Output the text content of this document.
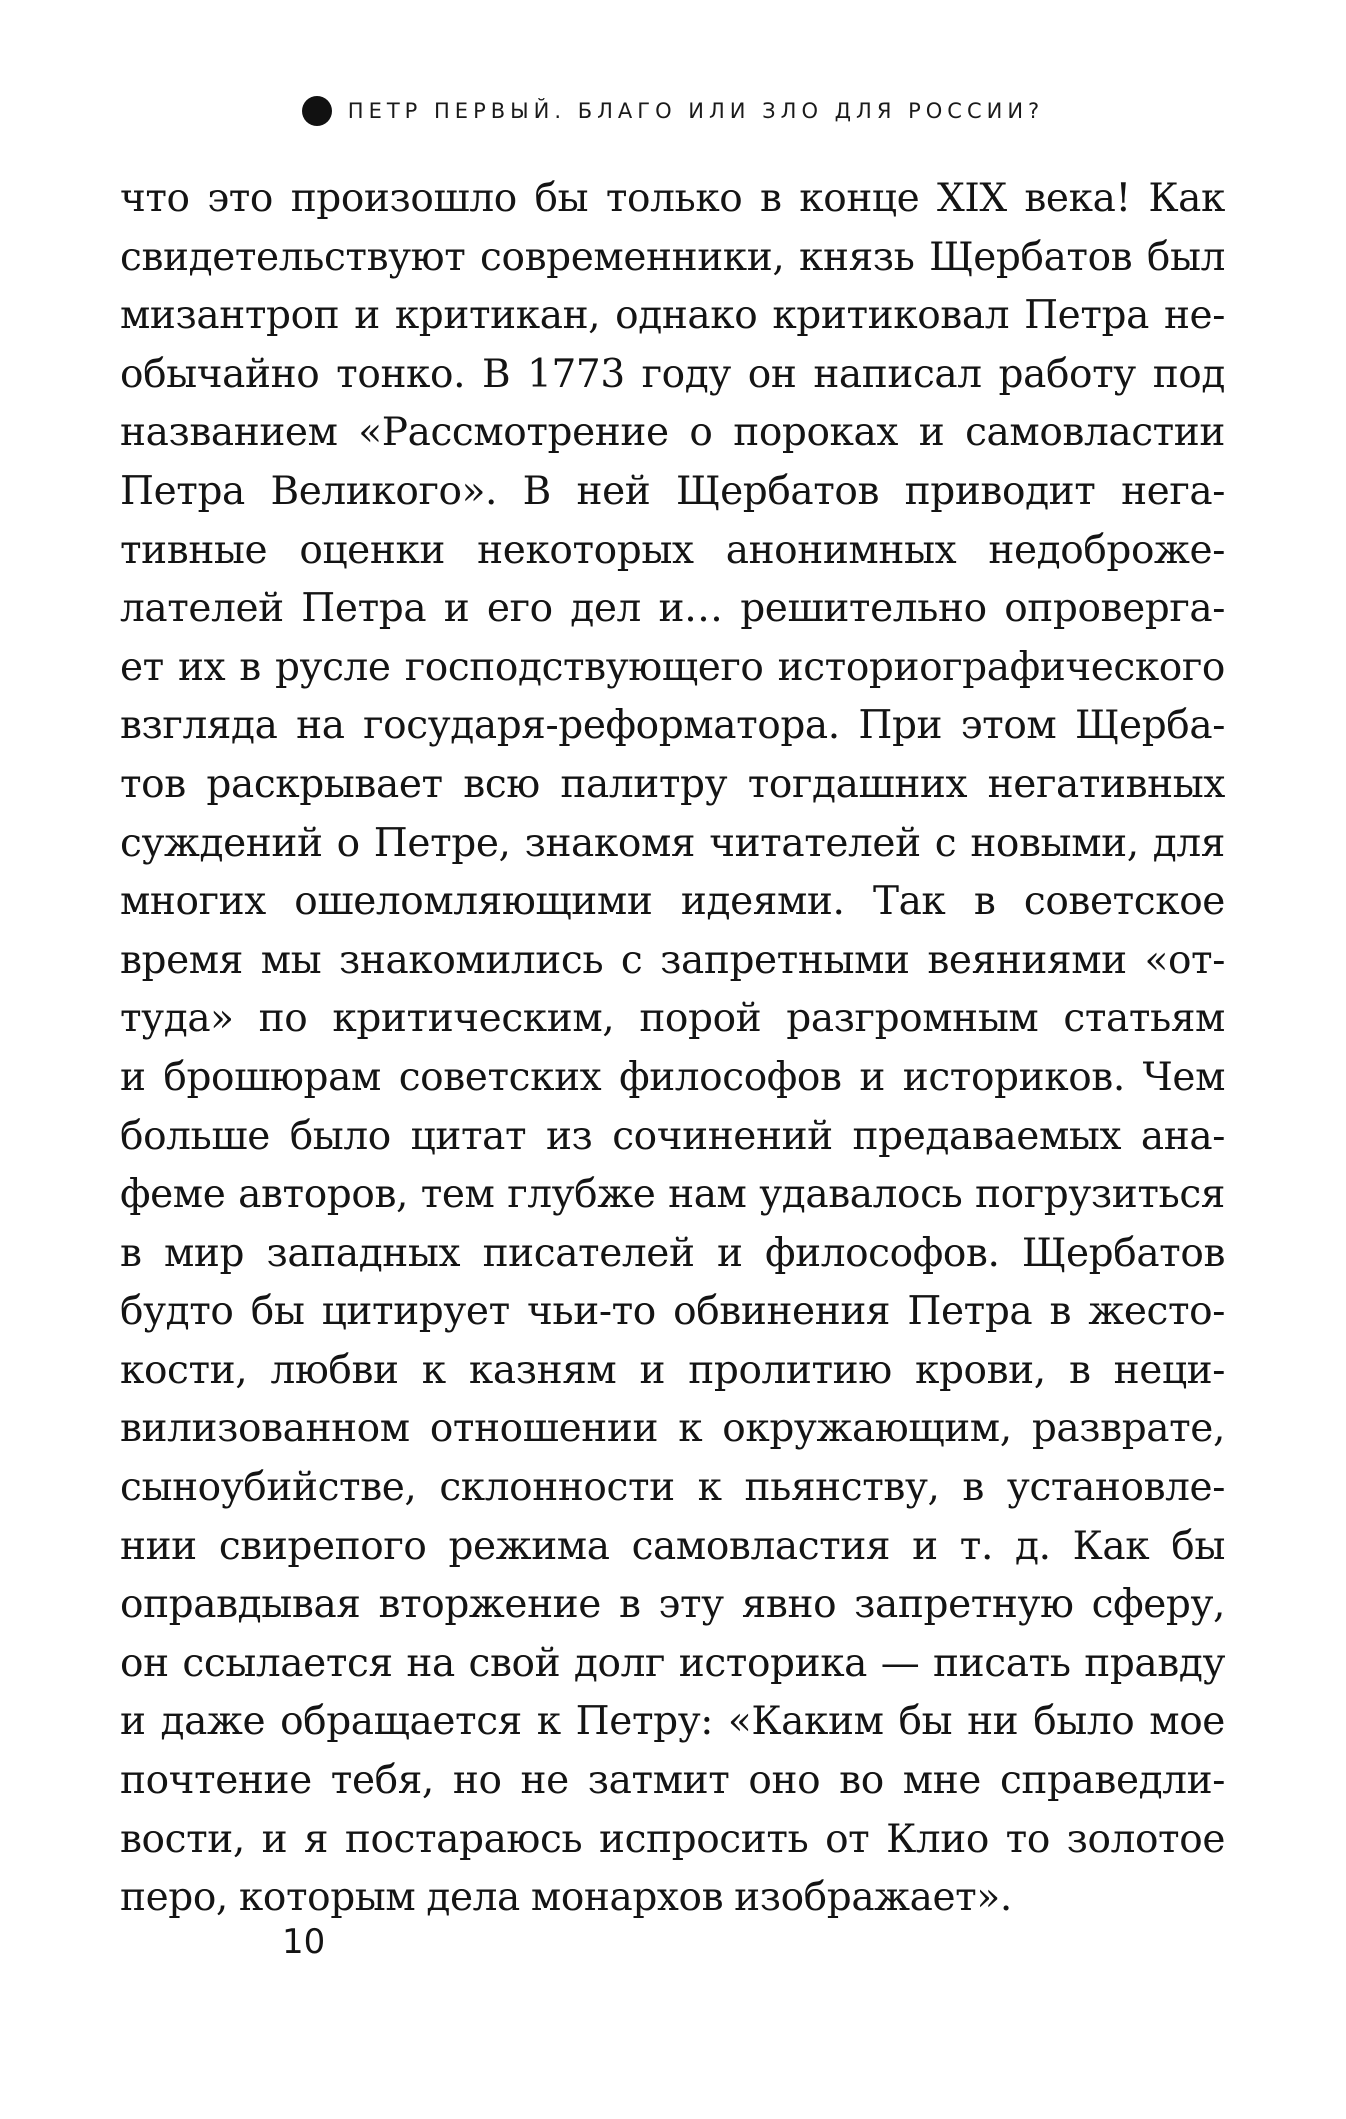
ПЕТР ПЕРВЫЙ. БЛАГО ИЛИ ЗЛО ДЛЯ РОССИИ?
что это произошло бы только в конце XIX века! Как
свидетельствуют современники, князь Щербатов был
мизантроп и критикан, однако критиковал Петра не-
обычайно тонко. В 1773 году он написал работу под
названием «Рассмотрение о пороках и самовластии
Петра Великого». В ней Щербатов приводит нега-
тивные оценки некоторых анонимных недоброже-
лателей Петра и его дел и… решительно опроверга-
ет их в русле господствующего историографического
взгляда на государя-реформатора. При этом Щерба-
тов раскрывает всю палитру тогдашних негативных
суждений о Петре, знакомя читателей с новыми, для
многих ошеломляющими идеями. Так в советское
время мы знакомились с запретными веяниями «от-
туда» по критическим, порой разгромным статьям
и брошюрам советских философов и историков. Чем
больше было цитат из сочинений предаваемых ана-
феме авторов, тем глубже нам удавалось погрузиться
в мир западных писателей и философов. Щербатов
будто бы цитирует чьи-то обвинения Петра в жесто-
кости, любви к казням и пролитию крови, в неци-
вилизованном отношении к окружающим, разврате,
сыноубийстве, склонности к пьянству, в установле-
нии свирепого режима самовластия и т. д. Как бы
оправдывая вторжение в эту явно запретную сферу,
он ссылается на свой долг историка — писать правду
и даже обращается к Петру: «Каким бы ни было мое
почтение тебя, но не затмит оно во мне справедли-
вости, и я постараюсь испросить от Клио то золотое
перо, которым дела монархов изображает».
10
